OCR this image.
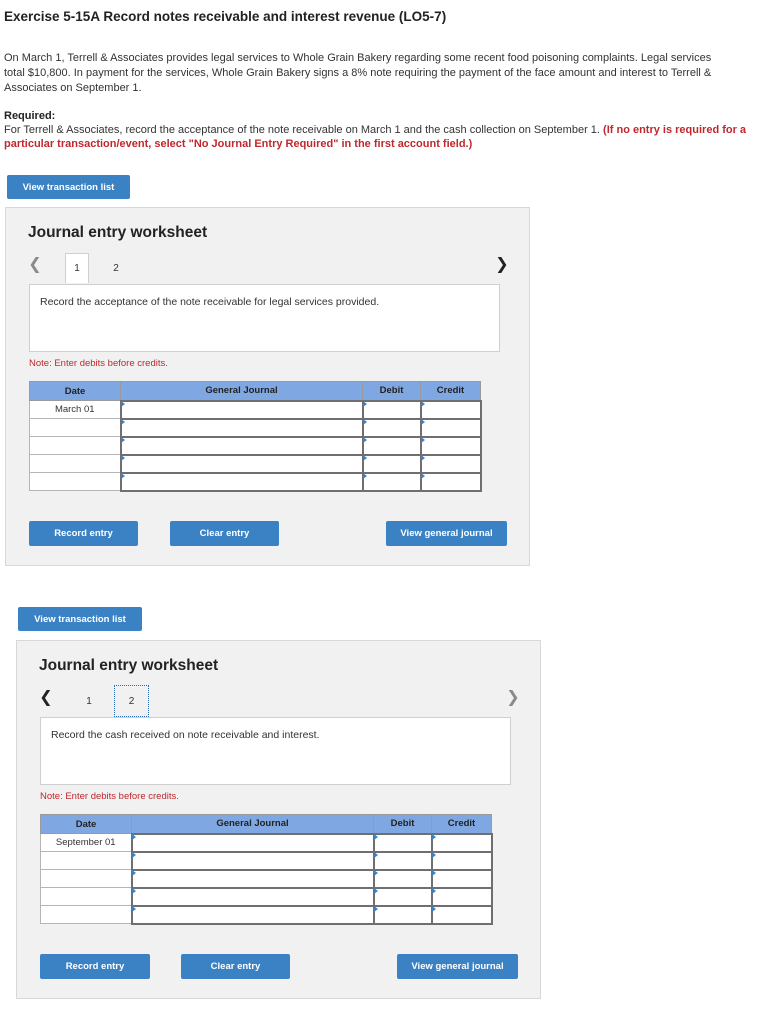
Exercise 5-15A Record notes receivable and interest revenue (LO5-7)

On March 1, Terrell & Associates provides legal services to Whole Grain Bakery regarding some recent food poisoning complaints. Legal services total $10,800. In payment for the services, Whole Grain Bakery signs a 8% note requiring the payment of the face amount and interest to Terrell & Associates on September 1.

Required:
For Terrell & Associates, record the acceptance of the note receivable on March 1 and the cash collection on September 1. (If no entry is required for a particular transaction/event, select "No Journal Entry Required" in the first account field.)
View transaction list
Journal entry worksheet
❮	1	2	❯
Record the acceptance of the note receivable for legal services provided.
Note: Enter debits before credits.
Date	General Journal	Debit	Credit
March 01			

Record entry	Clear entry	View general journal
View transaction list
Journal entry worksheet
❮	1	2	❯
Record the cash received on note receivable and interest.
Note: Enter debits before credits.
Date	General Journal	Debit	Credit
September 01			

Record entry	Clear entry	View general journal
